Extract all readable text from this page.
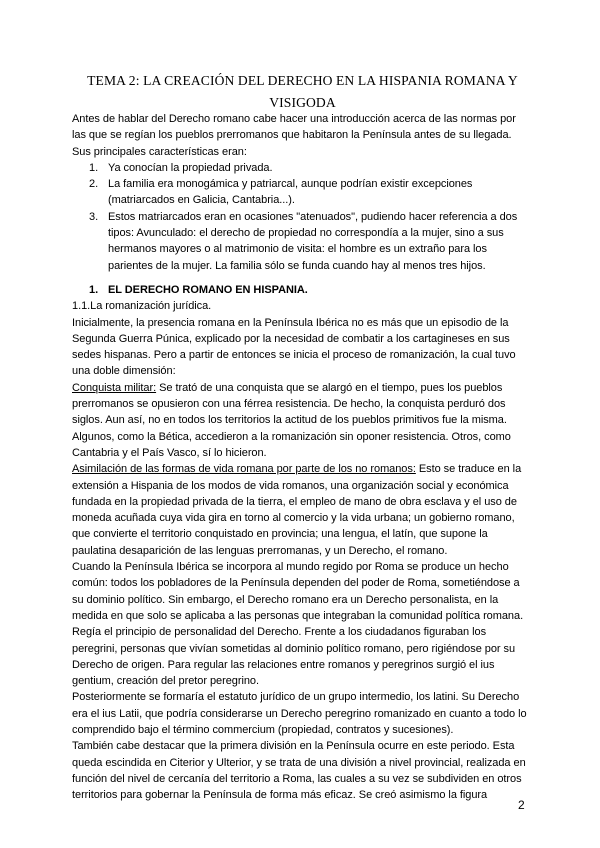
TEMA 2: LA CREACIÓN DEL DERECHO EN LA HISPANIA ROMANA Y VISIGODA

Antes de hablar del Derecho romano cabe hacer una introducción acerca de las normas por las que se regían los pueblos prerromanos que habitaron la Península antes de su llegada. Sus principales características eran:

1. Ya conocían la propiedad privada.
2. La familia era monogámica y patriarcal, aunque podrían existir excepciones (matriarcados en Galicia, Cantabria...).
3. Estos matriarcados eran en ocasiones "atenuados", pudiendo hacer referencia a dos tipos: Avunculado: el derecho de propiedad no correspondía a la mujer, sino a sus hermanos mayores o al matrimonio de visita: el hombre es un extraño para los parientes de la mujer. La familia sólo se funda cuando hay al menos tres hijos.

1. EL DERECHO ROMANO EN HISPANIA.

1.1.La romanización jurídica.

Inicialmente, la presencia romana en la Península Ibérica no es más que un episodio de la Segunda Guerra Púnica, explicado por la necesidad de combatir a los cartagineses en sus sedes hispanas. Pero a partir de entonces se inicia el proceso de romanización, la cual tuvo una doble dimensión:

Conquista militar: Se trató de una conquista que se alargó en el tiempo, pues los pueblos prerromanos se opusieron con una férrea resistencia. De hecho, la conquista perduró dos siglos. Aun así, no en todos los territorios la actitud de los pueblos primitivos fue la misma. Algunos, como la Bética, accedieron a la romanización sin oponer resistencia. Otros, como Cantabria y el País Vasco, sí lo hicieron.

Asimilación de las formas de vida romana por parte de los no romanos: Esto se traduce en la extensión a Hispania de los modos de vida romanos, una organización social y económica fundada en la propiedad privada de la tierra, el empleo de mano de obra esclava y el uso de moneda acuñada cuya vida gira en torno al comercio y la vida urbana; un gobierno romano, que convierte el territorio conquistado en provincia; una lengua, el latín, que supone la paulatina desaparición de las lenguas prerromanas, y un Derecho, el romano.

Cuando la Península Ibérica se incorpora al mundo regido por Roma se produce un hecho común: todos los pobladores de la Península dependen del poder de Roma, sometiéndose a su dominio político. Sin embargo, el Derecho romano era un Derecho personalista, en la medida en que solo se aplicaba a las personas que integraban la comunidad política romana. Regía el principio de personalidad del Derecho. Frente a los ciudadanos figuraban los peregrini, personas que vivían sometidas al dominio político romano, pero rigiéndose por su Derecho de origen. Para regular las relaciones entre romanos y peregrinos surgió el ius gentium, creación del pretor peregrino.

Posteriormente se formaría el estatuto jurídico de un grupo intermedio, los latini. Su Derecho era el ius Latii, que podría considerarse un Derecho peregrino romanizado en cuanto a todo lo comprendido bajo el término commercium (propiedad, contratos y sucesiones).

También cabe destacar que la primera división en la Península ocurre en este periodo. Esta queda escindida en Citerior y Ulterior, y se trata de una división a nivel provincial, realizada en función del nivel de cercanía del territorio a Roma, las cuales a su vez se subdividen en otros territorios para gobernar la Península de forma más eficaz. Se creó asimismo la figura

2
